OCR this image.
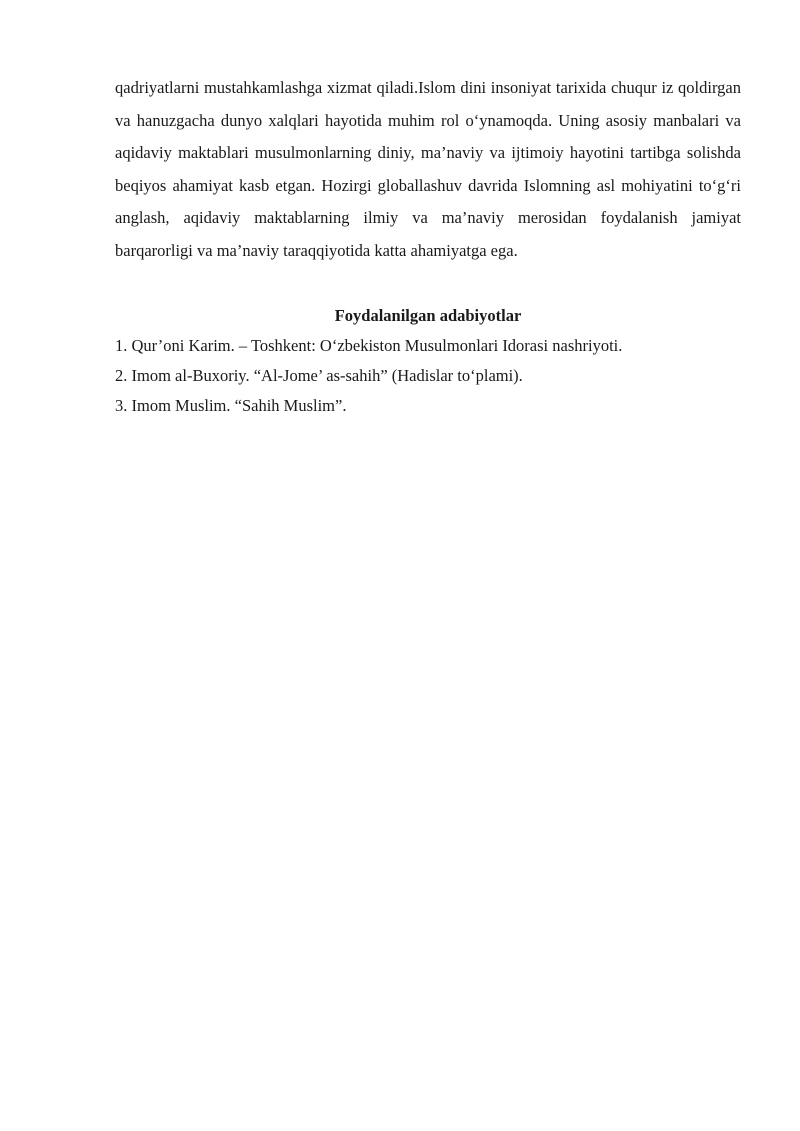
qadriyatlarni mustahkamlashga xizmat qiladi.Islom dini insoniyat tarixida chuqur iz qoldirgan va hanuzgacha dunyo xalqlari hayotida muhim rol o‘ynamoqda. Uning asosiy manbalari va aqidaviy maktablari musulmonlarning diniy, ma’naviy va ijtimoiy hayotini tartibga solishda beqiyos ahamiyat kasb etgan. Hozirgi globallashuv davrida Islomning asl mohiyatini to‘g‘ri anglash, aqidaviy maktablarning ilmiy va ma’naviy merosidan foydalanish jamiyat barqarorligi va ma’naviy taraqqiyotida katta ahamiyatga ega.

Foydalanilgan adabiyotlar
1. Qur’oni Karim. – Toshkent: O‘zbekiston Musulmonlari Idorasi nashriyoti.
2. Imom al-Buxoriy. “Al-Jome’ as-sahih” (Hadislar to‘plami).
3. Imom Muslim. “Sahih Muslim”.
